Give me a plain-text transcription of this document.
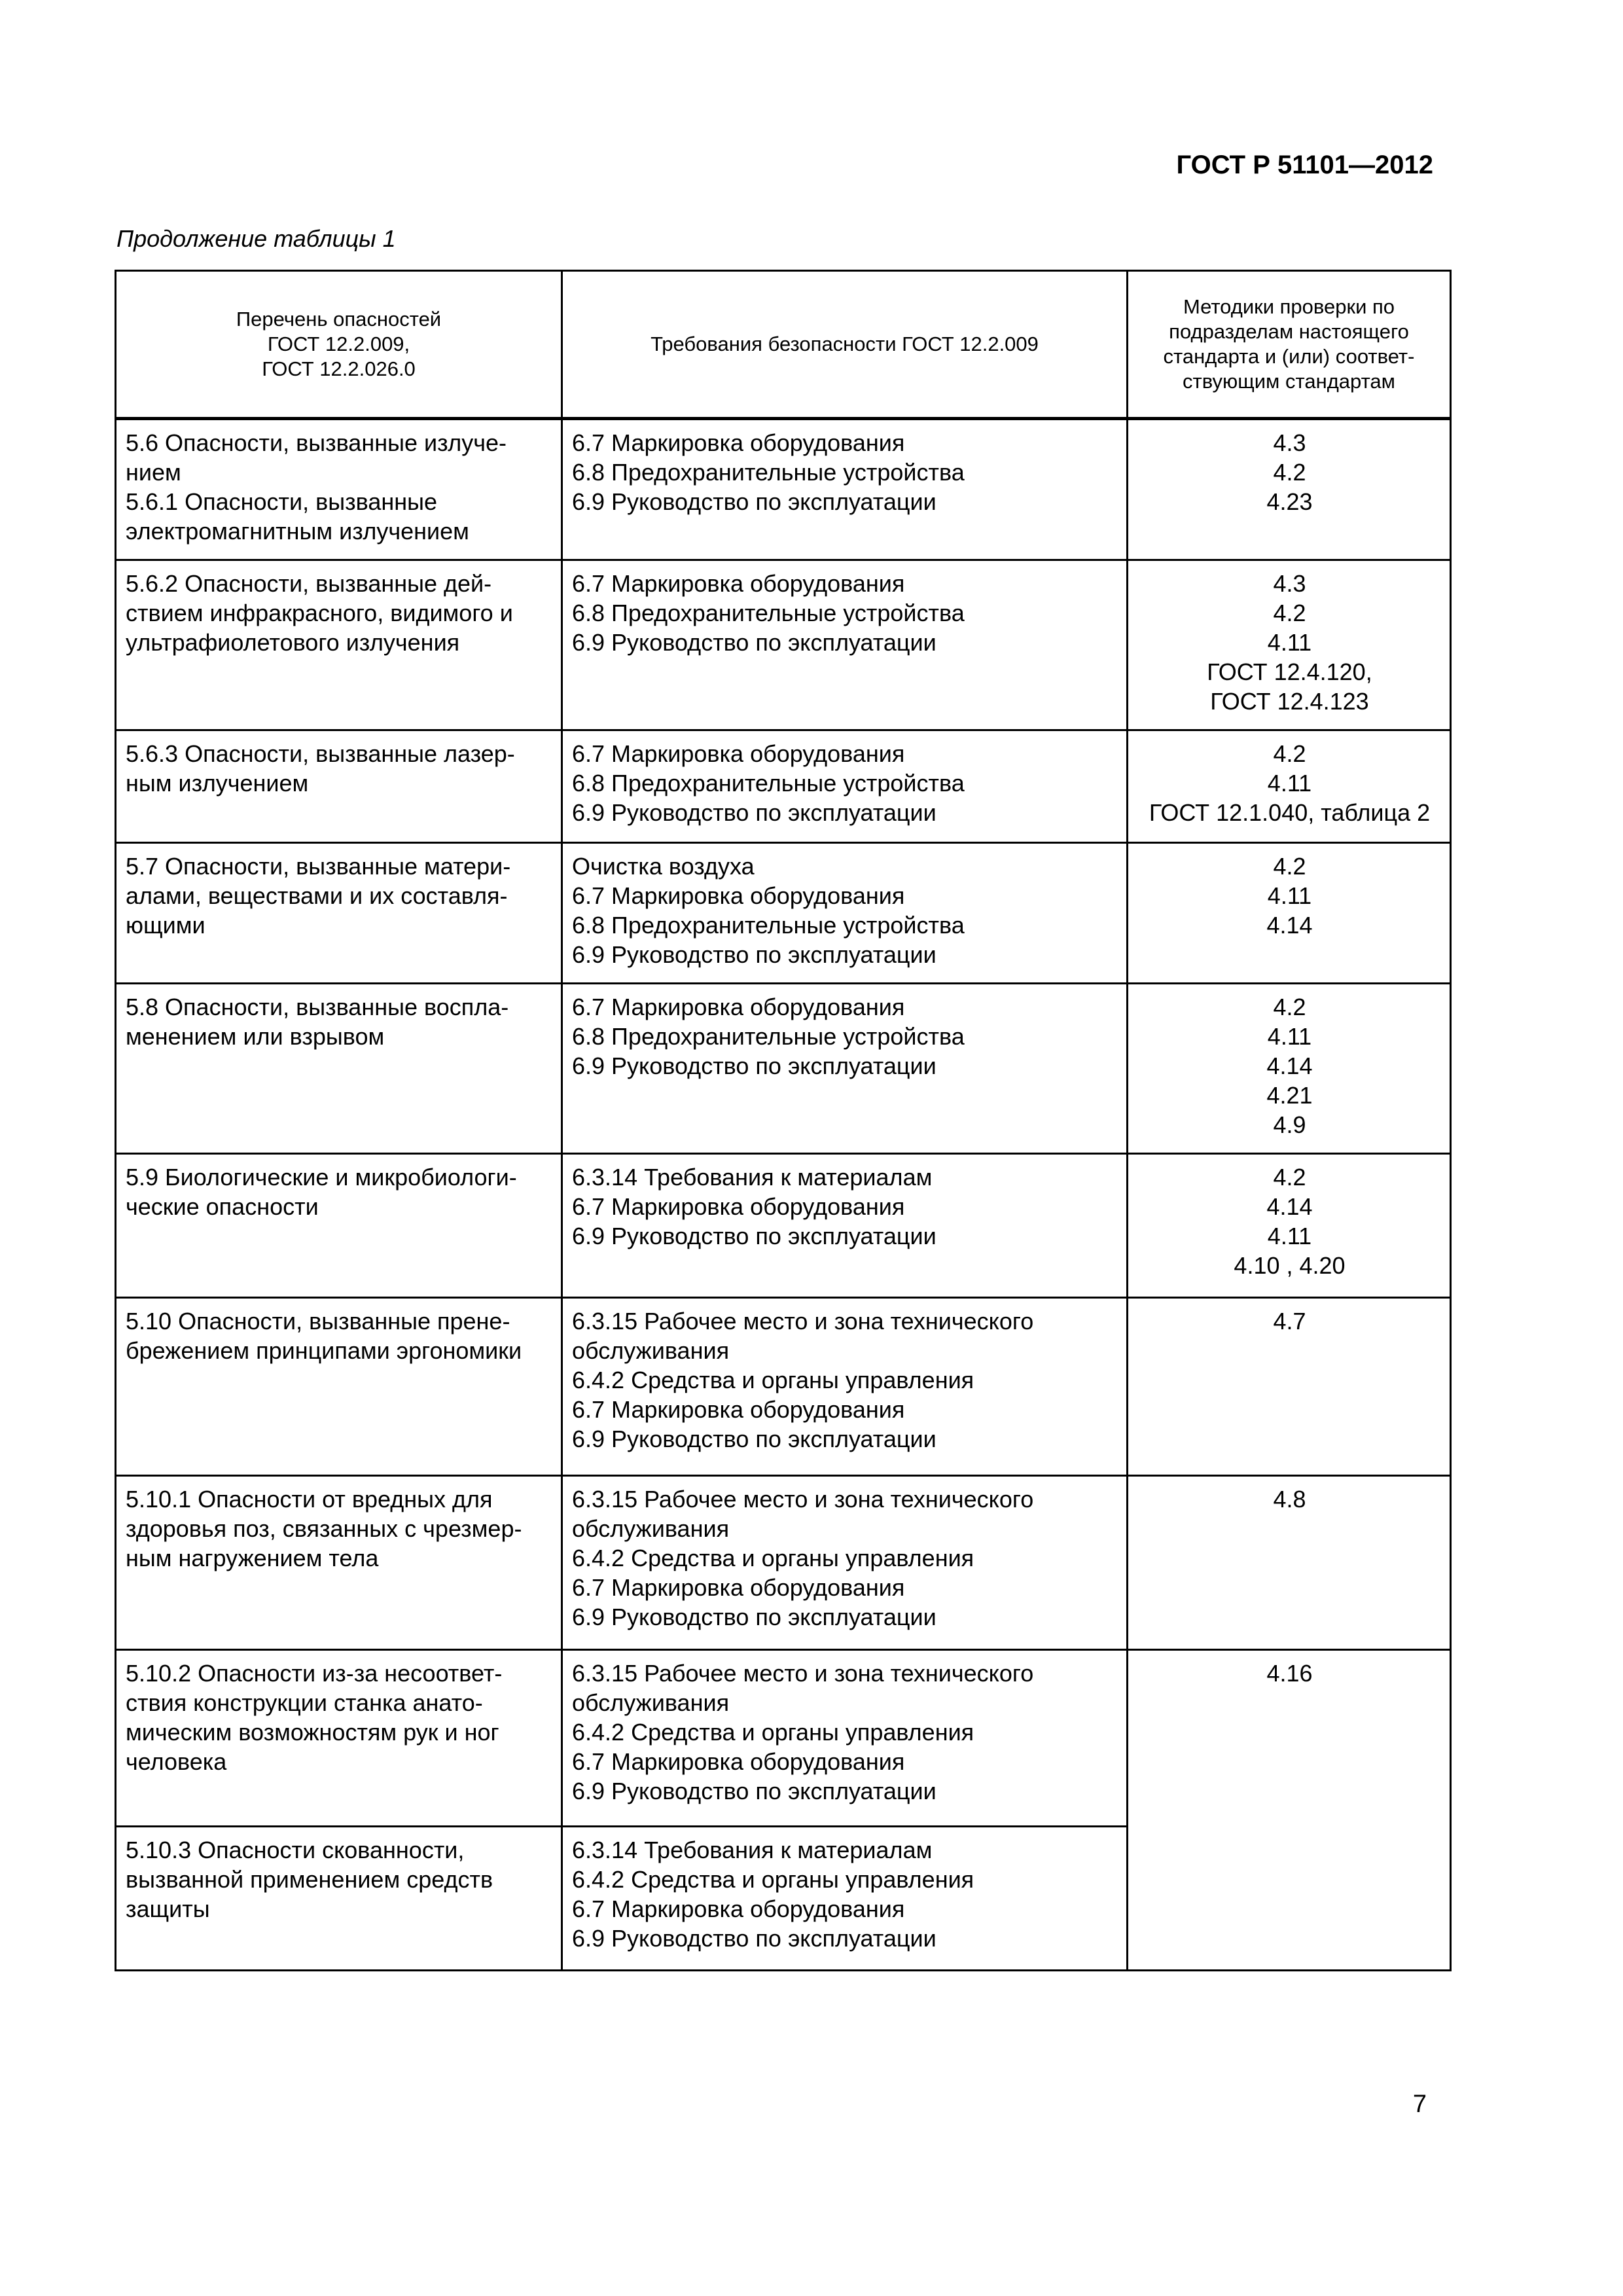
ГОСТ Р 51101—2012
Продолжение таблицы 1
Перечень опасностей
ГОСТ 12.2.009,
ГОСТ 12.2.026.0	Требования безопасности ГОСТ 12.2.009	Методики проверки по
подразделам настоящего
стандарта и (или) соответ-
ствующим стандартам

5.6 Опасности, вызванные излуче-
нием
5.6.1 Опасности, вызванные
электромагнитным излучением	6.7 Маркировка оборудования
6.8 Предохранительные устройства
6.9 Руководство по эксплуатации	4.3
4.2
4.23

5.6.2 Опасности, вызванные дей-
ствием инфракрасного, видимого и
ультрафиолетового излучения	6.7 Маркировка оборудования
6.8 Предохранительные устройства
6.9 Руководство по эксплуатации	4.3
4.2
4.11
ГОСТ 12.4.120,
ГОСТ 12.4.123

5.6.3 Опасности, вызванные лазер-
ным излучением	6.7 Маркировка оборудования
6.8 Предохранительные устройства
6.9 Руководство по эксплуатации	4.2
4.11
ГОСТ 12.1.040, таблица 2

5.7 Опасности, вызванные матери-
алами, веществами и их составля-
ющими	Очистка воздуха
6.7 Маркировка оборудования
6.8 Предохранительные устройства
6.9 Руководство по эксплуатации	4.2
4.11
4.14

5.8 Опасности, вызванные воспла-
менением или взрывом	6.7 Маркировка оборудования
6.8 Предохранительные устройства
6.9 Руководство по эксплуатации	4.2
4.11
4.14
4.21
4.9

5.9 Биологические и микробиологи-
ческие опасности	6.3.14 Требования к материалам
6.7 Маркировка оборудования
6.9 Руководство по эксплуатации	4.2
4.14
4.11
4.10 , 4.20

5.10 Опасности, вызванные прене-
брежением принципами эргономики	6.3.15 Рабочее место и зона технического
обслуживания
6.4.2 Средства и органы управления
6.7 Маркировка оборудования
6.9 Руководство по эксплуатации	4.7

5.10.1 Опасности от вредных для
здоровья поз, связанных с чрезмер-
ным нагружением тела	6.3.15 Рабочее место и зона технического
обслуживания
6.4.2 Средства и органы управления
6.7 Маркировка оборудования
6.9 Руководство по эксплуатации	4.8

5.10.2 Опасности из-за несоответ-
ствия конструкции станка анато-
мическим возможностям рук и ног
человека	6.3.15 Рабочее место и зона технического
обслуживания
6.4.2 Средства и органы управления
6.7 Маркировка оборудования
6.9 Руководство по эксплуатации	4.16

5.10.3 Опасности скованности,
вызванной применением средств
защиты	6.3.14 Требования к материалам
6.4.2 Средства и органы управления
6.7 Маркировка оборудования
6.9 Руководство по эксплуатации	
7
